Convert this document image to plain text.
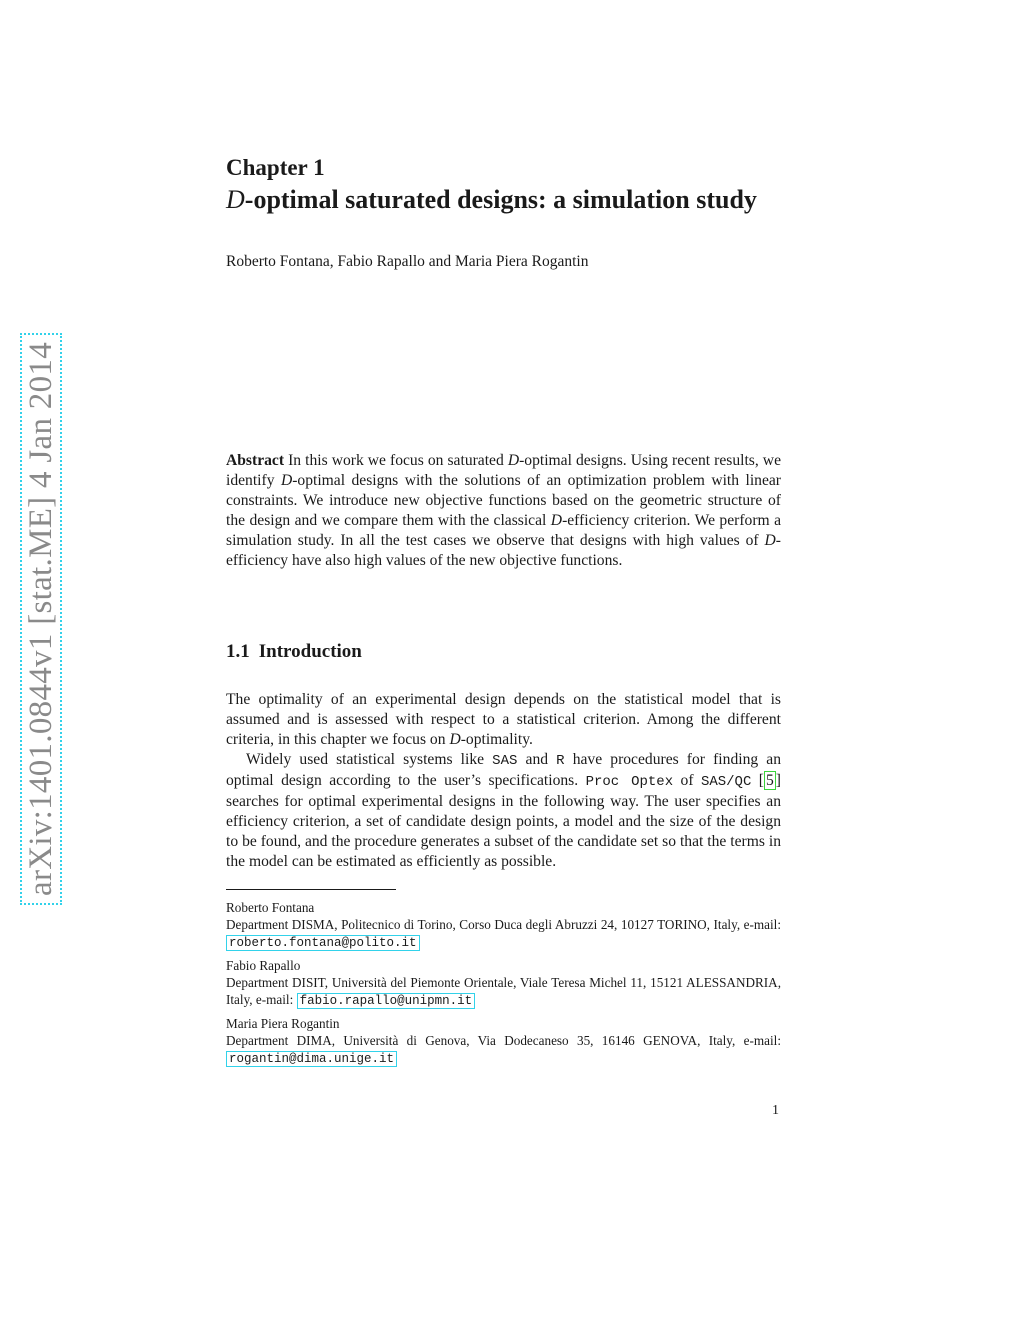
arXiv:1401.0844v1 [stat.ME] 4 Jan 2014
Chapter 1
D-optimal saturated designs: a simulation study
Roberto Fontana, Fabio Rapallo and Maria Piera Rogantin
Abstract In this work we focus on saturated D-optimal designs. Using recent results, we identify D-optimal designs with the solutions of an optimization problem with linear constraints. We introduce new objective functions based on the geometric structure of the design and we compare them with the classical D-efficiency criterion. We perform a simulation study. In all the test cases we observe that designs with high values of D-efficiency have also high values of the new objective functions.
1.1 Introduction

The optimality of an experimental design depends on the statistical model that is assumed and is assessed with respect to a statistical criterion. Among the different criteria, in this chapter we focus on D-optimality.

Widely used statistical systems like SAS and R have procedures for finding an optimal design according to the user’s specifications. Proc Optex of SAS/QC [ 5 ] searches for optimal experimental designs in the following way. The user specifies an efficiency criterion, a set of candidate design points, a model and the size of the design to be found, and the procedure generates a subset of the candidate set so that the terms in the model can be estimated as efficiently as possible.

Roberto Fontana
Department DISMA, Politecnico di Torino, Corso Duca degli Abruzzi 24, 10127 TORINO, Italy, e-mail: roberto.fontana@polito.it
Fabio Rapallo
Department DISIT, Università del Piemonte Orientale, Viale Teresa Michel 11, 15121 ALESSANDRIA, Italy, e-mail: fabio.rapallo@unipmn.it
Maria Piera Rogantin
Department DIMA, Università di Genova, Via Dodecaneso 35, 16146 GENOVA, Italy, e-mail: rogantin@dima.unige.it
1
